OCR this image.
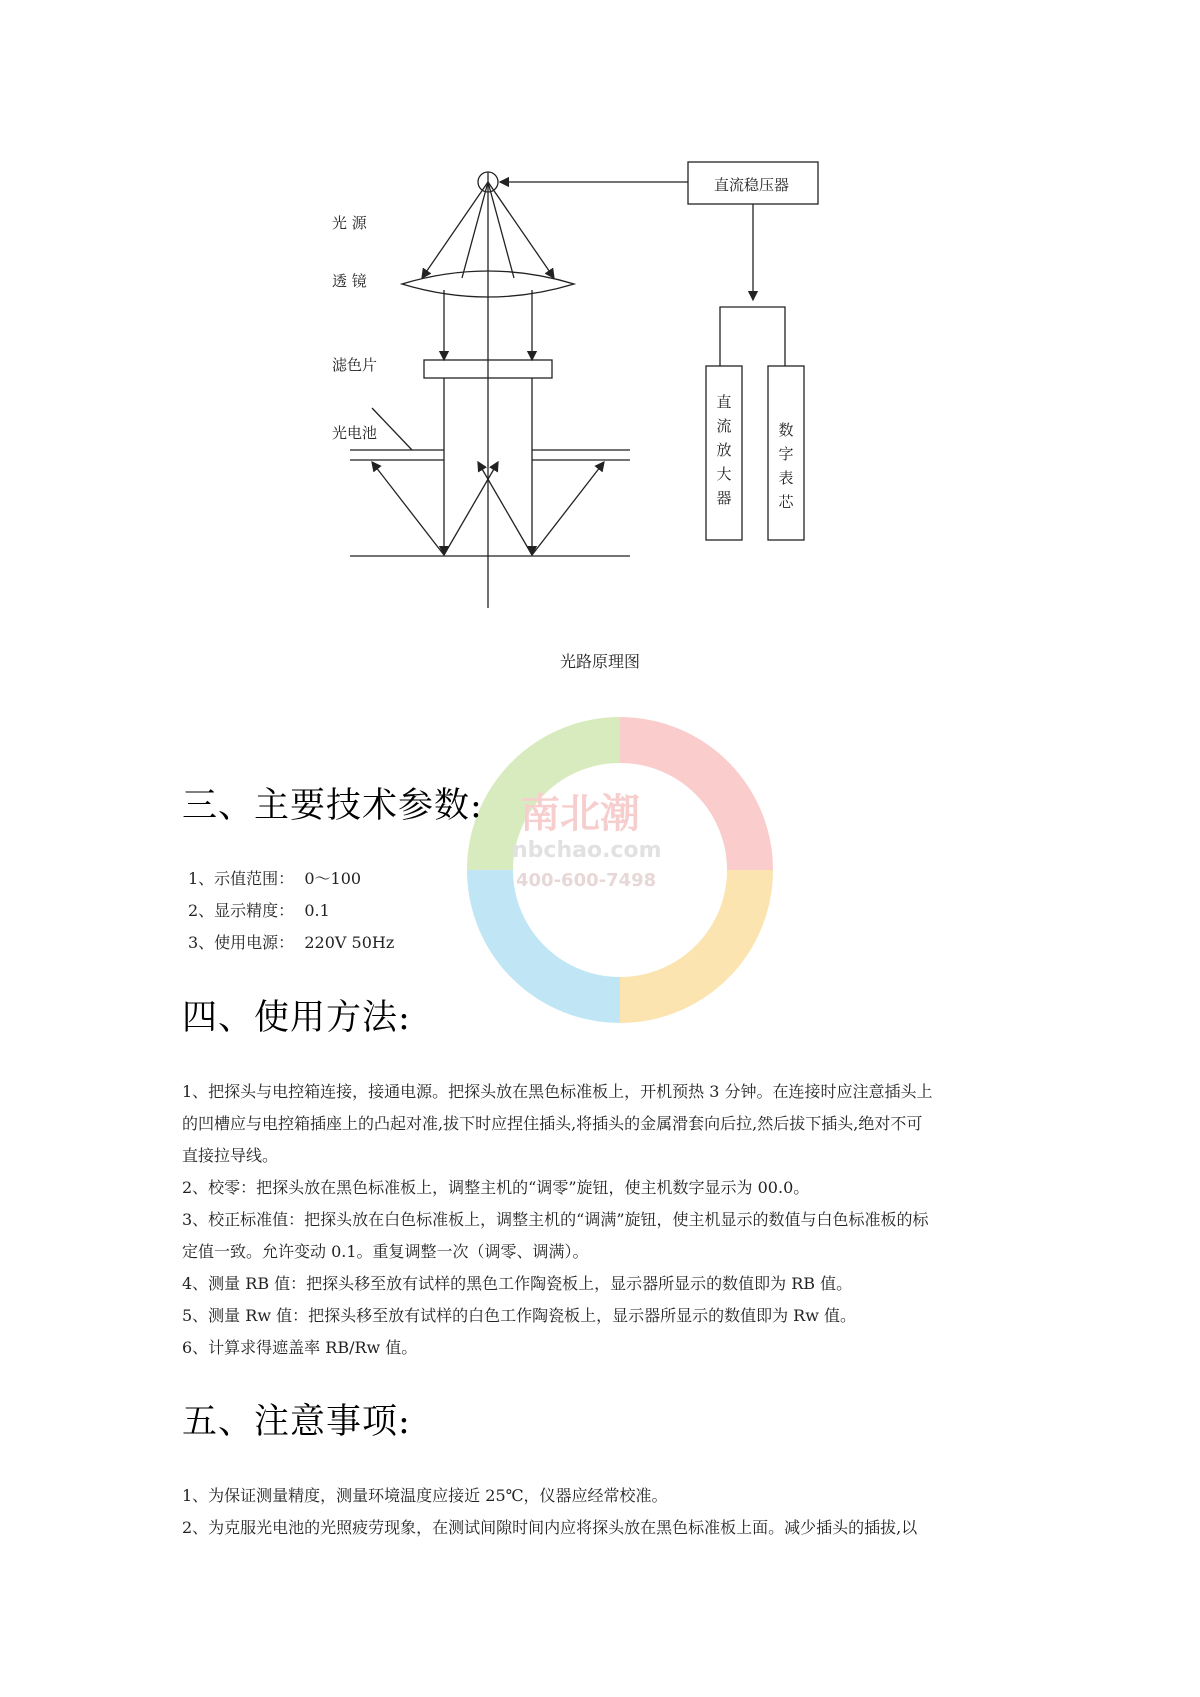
光 源
透 镜
滤色片
光电池
直流稳压器
直流放大器
数字表芯
光路原理图
南北潮
nbchao.com
400-600-7498
三、主要技术参数:
1、示值范围：  0～100
2、显示精度：  0.1
3、使用电源：  220V 50Hz
四、使用方法:
1、把探头与电控箱连接，接通电源。把探头放在黑色标准板上，开机预热 3 分钟。在连接时应注意插头上
的凹槽应与电控箱插座上的凸起对准,拔下时应捏住插头,将插头的金属滑套向后拉,然后拔下插头,绝对不可
直接拉导线。
2、校零：把探头放在黑色标准板上，调整主机的“调零”旋钮，使主机数字显示为 00.0。
3、校正标准值：把探头放在白色标准板上，调整主机的“调满”旋钮，使主机显示的数值与白色标准板的标
定值一致。允许变动 0.1。重复调整一次（调零、调满）。
4、测量 RB 值：把探头移至放有试样的黑色工作陶瓷板上，显示器所显示的数值即为 RB 值。
5、测量 Rw 值：把探头移至放有试样的白色工作陶瓷板上，显示器所显示的数值即为 Rw 值。
6、计算求得遮盖率 RB/Rw 值。
五、注意事项:
1、为保证测量精度，测量环境温度应接近 25℃，仪器应经常校准。
2、为克服光电池的光照疲劳现象，在测试间隙时间内应将探头放在黑色标准板上面。减少插头的插拔,以
